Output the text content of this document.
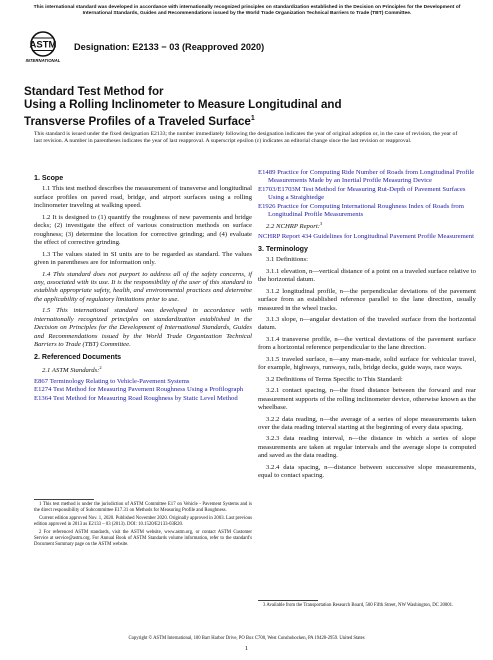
This international standard was developed in accordance with internationally recognized principles on standardization established in the Decision on Principles for the Development of International Standards, Guides and Recommendations issued by the World Trade Organization Technical Barriers to Trade (TBT) Committee.
ASTM
INTERNATIONAL
Designation: E2133 − 03 (Reapproved 2020)
Standard Test Method for
Using a Rolling Inclinometer to Measure Longitudinal and
Transverse Profiles of a Traveled Surface$^1$
This standard is issued under the fixed designation E2133; the number immediately following the designation indicates the year of original adoption or, in the case of revision, the year of last revision. A number in parentheses indicates the year of last reapproval. A superscript epsilon (ε) indicates an editorial change since the last revision or reapproval.
1. Scope

1.1 This test method describes the measurement of transverse and longitudinal surface profiles on paved road, bridge, and airport surfaces using a rolling inclinometer traveling at walking speed.

1.2 It is designed to (1) quantify the roughness of new pavements and bridge decks; (2) investigate the effect of various construction methods on surface roughness; (3) determine the location for corrective grinding; and (4) evaluate the effect of corrective grinding.

1.3 The values stated in SI units are to be regarded as standard. The values given in parentheses are for information only.

1.4 This standard does not purport to address all of the safety concerns, if any, associated with its use. It is the responsibility of the user of this standard to establish appropriate safety, health, and environmental practices and determine the applicability of regulatory limitations prior to use.

1.5 This international standard was developed in accordance with internationally recognized principles on standardization established in the Decision on Principles for the Development of International Standards, Guides and Recommendations issued by the World Trade Organization Technical Barriers to Trade (TBT) Committee.

2. Referenced Documents
2.1 ASTM Standards:$^2$
E867 Terminology Relating to Vehicle-Pavement Systems
E1274 Test Method for Measuring Pavement Roughness Using a Profilograph
E1364 Test Method for Measuring Road Roughness by Static Level Method
E1489 Practice for Computing Ride Number of Roads from Longitudinal Profile Measurements Made by an Inertial Profile Measuring Device
E1703/E1703M Test Method for Measuring Rut-Depth of Pavement Surfaces Using a Straightedge
E1926 Practice for Computing International Roughness Index of Roads from Longitudinal Profile Measurements
2.2 NCHRP Report:$^3$
NCHRP Report 434 Guidelines for Longitudinal Pavement Profile Measurement
3. Terminology

3.1 Definitions:

3.1.1 elevation, n—vertical distance of a point on a traveled surface relative to the horizontal datum.

3.1.2 longitudinal profile, n—the perpendicular deviations of the pavement surface from an established reference parallel to the lane direction, usually measured in the wheel tracks.

3.1.3 slope, n—angular deviation of the traveled surface from the horizontal datum.

3.1.4 transverse profile, n—the vertical deviations of the pavement surface from a horizontal reference perpendicular to the lane direction.

3.1.5 traveled surface, n—any man-made, solid surface for vehicular travel, for example, highways, runways, rails, bridge decks, guide ways, race ways.

3.2 Definitions of Terms Specific to This Standard:

3.2.1 contact spacing, n—the fixed distance between the forward and rear measurement supports of the rolling inclinometer device, otherwise known as the wheelbase.

3.2.2 data reading, n—the average of a series of slope measurements taken over the data reading interval starting at the beginning of every data spacing.

3.2.3 data reading interval, n—the distance in which a series of slope measurements are taken at regular intervals and the average slope is computed and saved as the data reading.

3.2.4 data spacing, n—distance between successive slope measurements, equal to contact spacing.

1 This test method is under the jurisdiction of ASTM Committee E17 on Vehicle - Pavement Systems and is the direct responsibility of Subcommittee E17.31 on Methods for Measuring Profile and Roughness.

Current edition approved Nov. 1, 2020. Published November 2020. Originally approved in 2003. Last previous edition approved in 2013 as E2133 – 03 (2013). DOI: 10.1520/E2133-03R20.

2 For referenced ASTM standards, visit the ASTM website, www.astm.org, or contact ASTM Customer Service at service@astm.org. For Annual Book of ASTM Standards volume information, refer to the standard's Document Summary page on the ASTM website.

3 Available from the Transportation Research Board, 500 Fifth Street, NW Washington, DC 20001.
Copyright © ASTM International, 100 Barr Harbor Drive, PO Box C700, West Conshohocken, PA 19428-2959. United States
1
